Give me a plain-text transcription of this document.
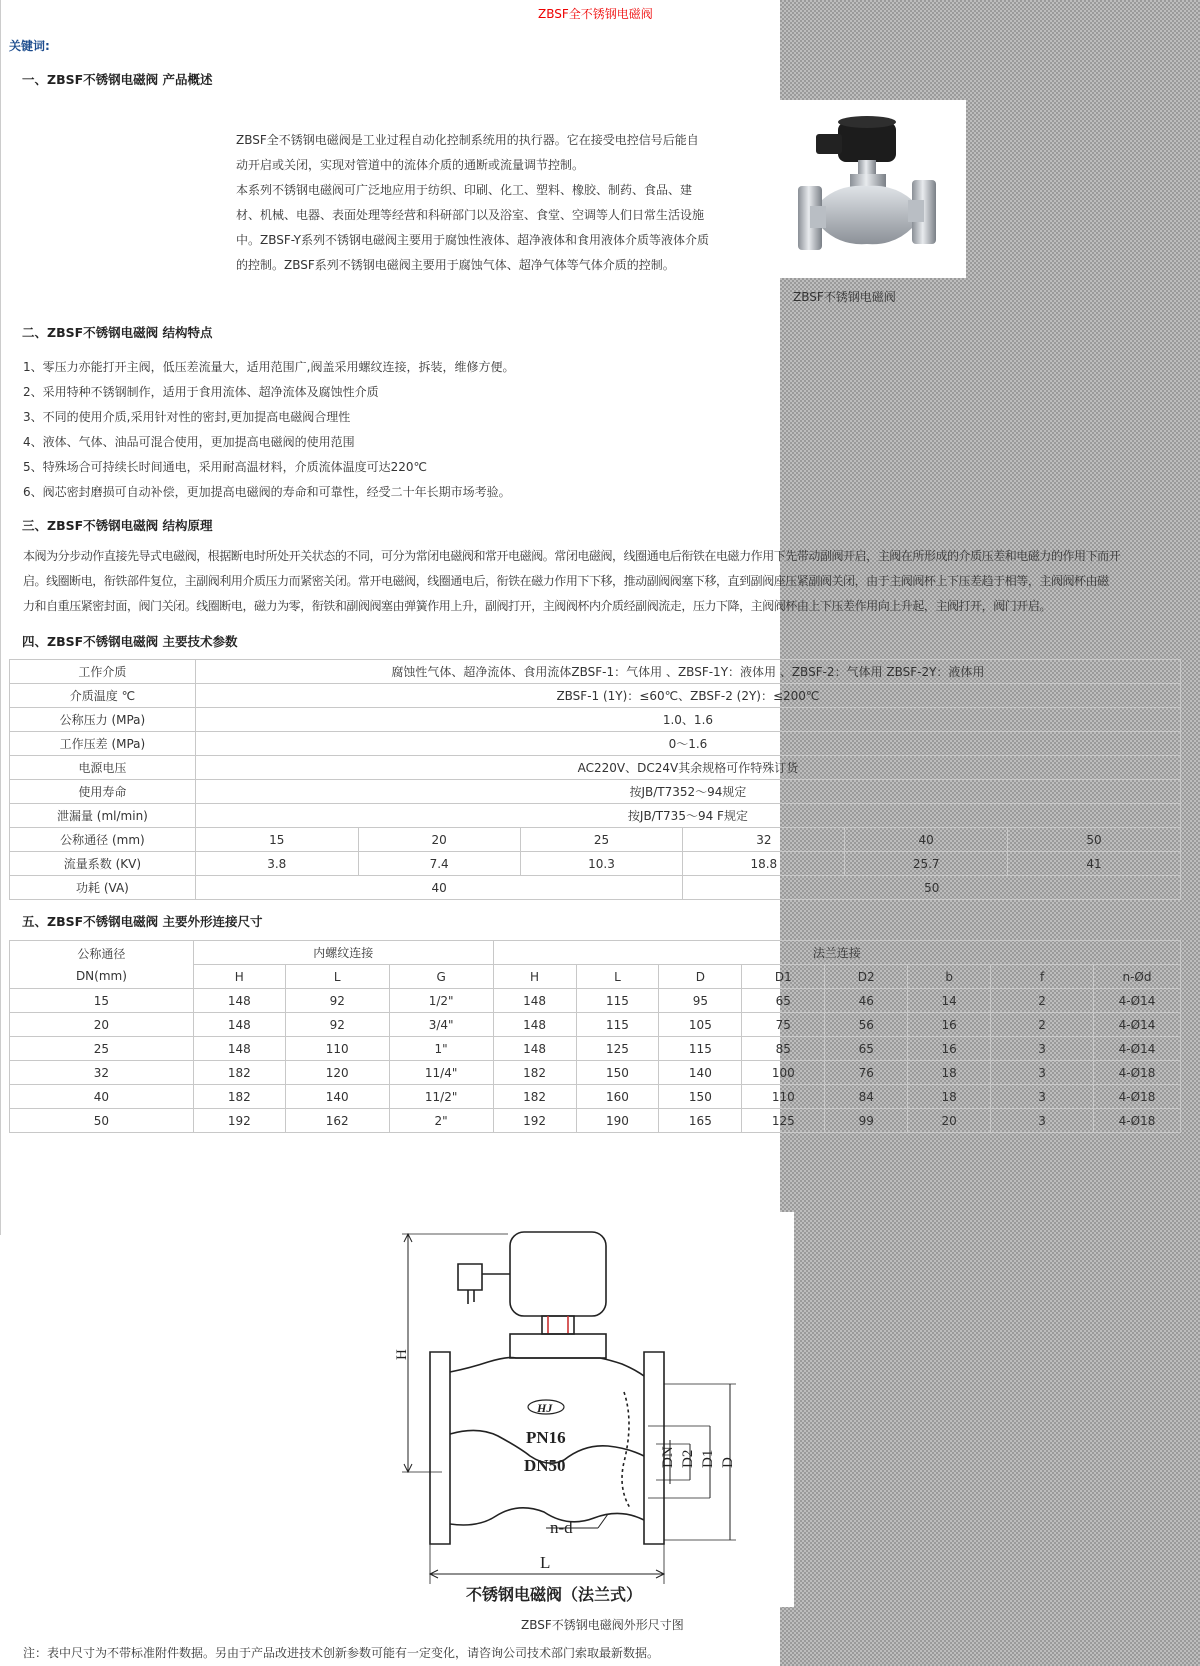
ZBSF全不锈钢电磁阀
关键词:
一、ZBSF不锈钢电磁阀 产品概述
ZBSF全不锈钢电磁阀是工业过程自动化控制系统用的执行器。它在接受电控信号后能自
动开启或关闭，实现对管道中的流体介质的通断或流量调节控制。
本系列不锈钢电磁阀可广泛地应用于纺织、印刷、化工、塑料、橡胶、制药、食品、建
材、机械、电器、表面处理等经营和科研部门以及浴室、食堂、空调等人们日常生活设施
中。ZBSF-Y系列不锈钢电磁阀主要用于腐蚀性液体、超净液体和食用液体介质等液体介质
的控制。ZBSF系列不锈钢电磁阀主要用于腐蚀气体、超净气体等气体介质的控制。
ZBSF不锈钢电磁阀
二、ZBSF不锈钢电磁阀 结构特点
1、零压力亦能打开主阀，低压差流量大，适用范围广,阀盖采用螺纹连接，拆装，维修方便。
2、采用特种不锈钢制作，适用于食用流体、超净流体及腐蚀性介质
3、不同的使用介质,采用针对性的密封,更加提高电磁阀合理性
4、液体、气体、油品可混合使用，更加提高电磁阀的使用范围
5、特殊场合可持续长时间通电，采用耐高温材料，介质流体温度可达220℃
6、阀芯密封磨损可自动补偿，更加提高电磁阀的寿命和可靠性，经受二十年长期市场考验。
三、ZBSF不锈钢电磁阀 结构原理
本阀为分步动作直接先导式电磁阀，根据断电时所处开关状态的不同，可分为常闭电磁阀和常开电磁阀。常闭电磁阀，线圈通电后衔铁在电磁力作用下先带动副阀开启，主阀在所形成的介质压差和电磁力的作用下而开
启。线圈断电，衔铁部件复位，主副阀利用介质压力而紧密关闭。常开电磁阀，线圈通电后，衔铁在磁力作用下下移，推动副阀阀塞下移，直到副阀座压紧副阀关闭，由于主阀阀杯上下压差趋于相等，主阀阀杯由磁
力和自重压紧密封面，阀门关闭。线圈断电，磁力为零，衔铁和副阀阀塞由弹簧作用上升，副阀打开，主阀阀杯内介质经副阀流走，压力下降，主阀阀杯由上下压差作用向上升起，主阀打开，阀门开启。
四、ZBSF不锈钢电磁阀 主要技术参数
工作介质	腐蚀性气体、超净流体、食用流体ZBSF-1：气体用 、ZBSF-1Y：液体用 、ZBSF-2：气体用 ZBSF-2Y：液体用					
介质温度 ℃	ZBSF-1 (1Y)：≤60℃、ZBSF-2 (2Y)：≤200℃					
公称压力 (MPa)	1.0、1.6					
工作压差 (MPa)	0～1.6					
电源电压	AC220V、DC24V其余规格可作特殊订货					
使用寿命	按JB/T7352～94规定					
泄漏量 (ml/min)	按JB/T735～94 F规定					
公称通径 (mm)	15	20	25	32	40	50
流量系数 (KV)	3.8	7.4	10.3	18.8	25.7	41
功耗 (VA)	40			50		
五、ZBSF不锈钢电磁阀 主要外形连接尺寸
公称通径
DN(mm)	内螺纹连接			法兰连接							
	H	L	G	H	L	D	D1	D2	b	f	n-Ød
15	148	92	1/2"	148	115	95	65	46	14	2	4-Ø14
20	148	92	3/4"	148	115	105	75	56	16	2	4-Ø14
25	148	110	1"	148	125	115	85	65	16	3	4-Ø14
32	182	120	11/4"	182	150	140	100	76	18	3	4-Ø18
40	182	140	11/2"	182	160	150	110	84	18	3	4-Ø18
50	192	162	2"	192	190	165	125	99	20	3	4-Ø18
PN16
DN50
HJ
H
L
n-d
DN D2 D1 D
不锈钢电磁阀（法兰式）
ZBSF不锈钢电磁阀外形尺寸图
注：表中尺寸为不带标准附件数据。另由于产品改进技术创新参数可能有一定变化，请咨询公司技术部门索取最新数据。
